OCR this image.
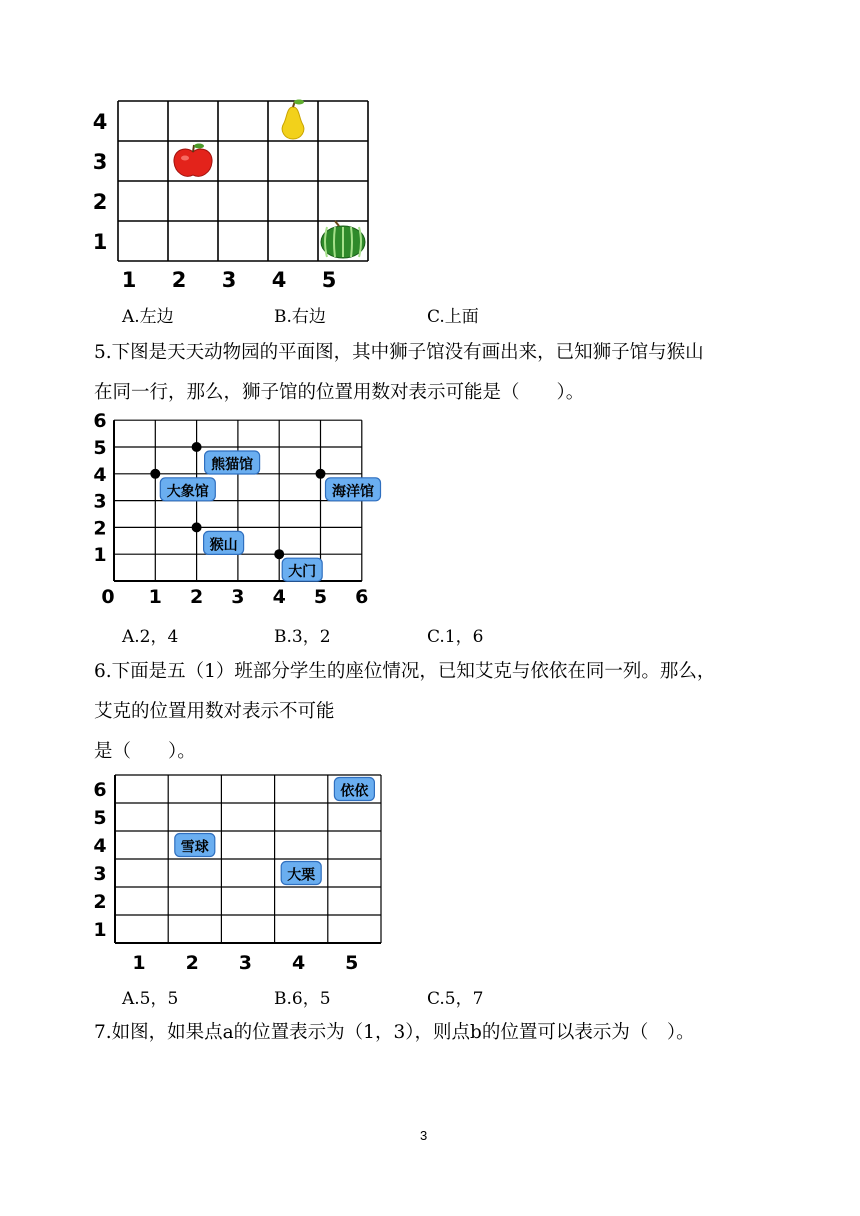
4
3
2
1
1 2 3 4 5
A.左边	B.右边	C.上面
5.下图是天天动物园的平面图，其中狮子馆没有画出来，已知狮子馆与猴山
在同一行，那么，狮子馆的位置用数对表示可能是（　　）。
6
5
4
3
2
1
0 1 2 3 4 5 6
熊猫馆
大象馆	海洋馆
猴山
大门
A.2，4	B.3，2	C.1，6
6.下面是五（1）班部分学生的座位情况，已知艾克与依依在同一列。那么，
艾克的位置用数对表示不可能
是（　　）。
6
5
4
3
2
1
1 2 3 4 5
依依
雪球
大栗
A.5，5	B.6，5	C.5，7
7.如图，如果点a的位置表示为（1，3），则点b的位置可以表示为（　）。
3
